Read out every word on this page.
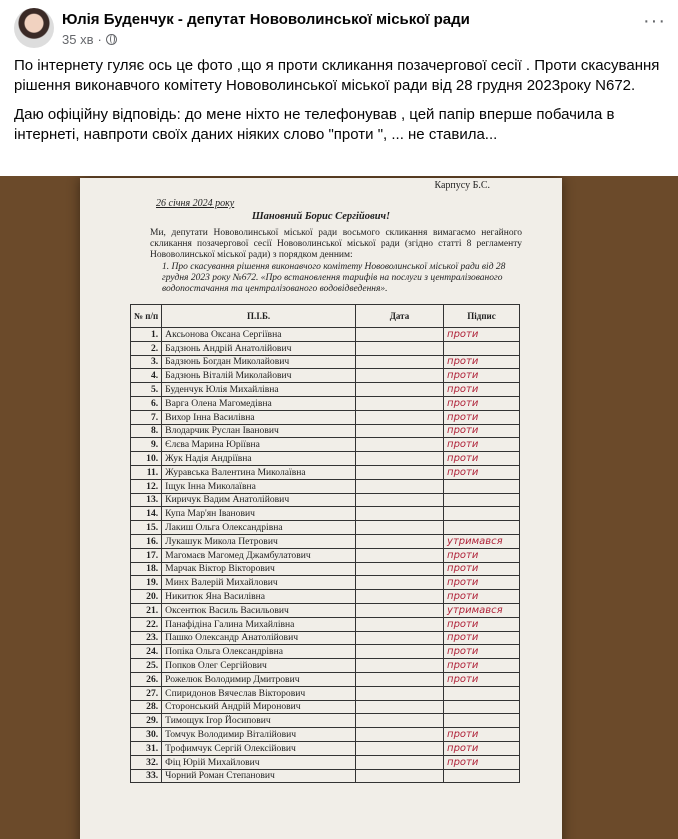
Юлія Буденчук - депутат Нововолинської міської ради
35 хв ·
···

По інтернету гуляє ось це фото ,що я проти скликання позачергової сесії . Проти скасування рішення виконавчого комітету Нововолинської міської ради від 28 грудня 2023року N672.

Даю офіційну відповідь: до мене ніхто не телефонував , цей папір вперше побачила в інтернеті, навпроти своїх даних ніяких слово "проти ", ... не ставила...

Карпусу Б.С.
26 січня 2024 року
Шановний Борис Сергійович!
Ми, депутати Нововолинської міської ради восьмого скликання вимагаємо негайного скликання позачергової сесії Нововолинської міської ради (згідно статті 8 регламенту Нововолинської міської ради) з порядком денним:
1. Про скасування рішення виконавчого комітету Нововолинської міської ради від 28 грудня 2023 року №672. «Про встановлення тарифів на послуги з централізованого водопостачання та централізованого водовідведення».
№ п/п	П.І.Б.	Дата	Підпис
1.	Аксьонова Оксана Сергіївна		проти
2.	Бадзюнь Андрій Анатолійович		
3.	Бадзюнь Богдан Миколайович		проти
4.	Бадзюнь Віталій Миколайович		проти
5.	Буденчук Юлія Михайлівна		проти
6.	Варга Олена Магомедівна		проти
7.	Вихор Інна Василівна		проти
8.	Влодарчик Руслан Іванович		проти
9.	Єлєва Марина Юріївна		проти
10.	Жук Надія Андріївна		проти
11.	Журавська Валентина Миколаївна		проти
12.	Іщук Інна Миколаївна		
13.	Киричук Вадим Анатолійович		
14.	Купа Мар'ян Іванович		
15.	Лакиш Ольга Олександрівна		
16.	Лукашук Микола Петрович		утримався
17.	Магомаєв Магомед Джамбулатович		проти
18.	Марчак Віктор Вікторович		проти
19.	Минх Валерій Михайлович		проти
20.	Никитюк Яна Василівна		проти
21.	Оксентюк Василь Васильович		утримався
22.	Панафідіна Галина Михайлівна		проти
23.	Пашко Олександр Анатолійович		проти
24.	Попіка Ольга Олександрівна		проти
25.	Попков Олег Сергійович		проти
26.	Рожелюк Володимир Дмитрович		проти
27.	Спиридонов Вячеслав Вікторович		
28.	Сторонський Андрій Миронович		
29.	Тимощук Ігор Йосипович		
30.	Томчук Володимир Віталійович		проти
31.	Трофимчук Сергій Олексійович		проти
32.	Фіц Юрій Михайлович		проти
33.	Чорний Роман Степанович		
